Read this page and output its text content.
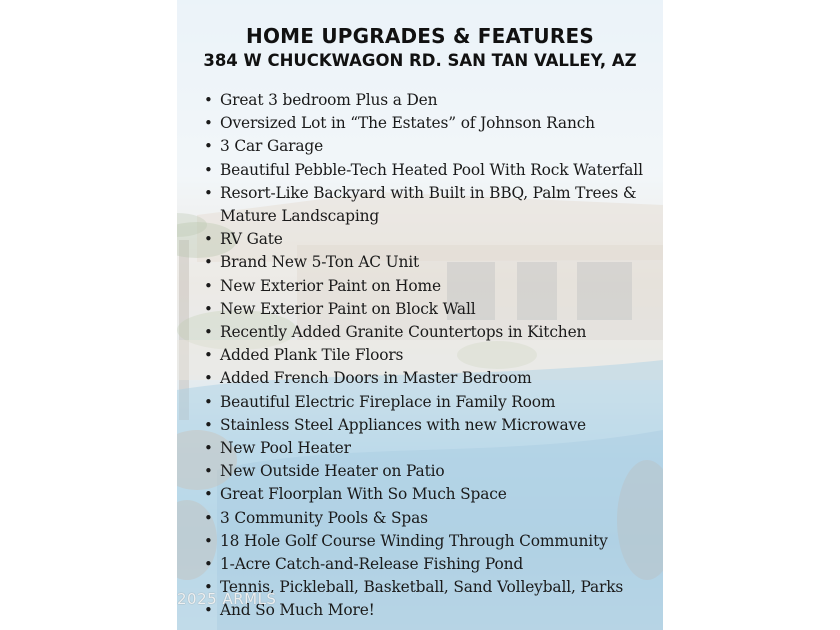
HOME UPGRADES & FEATURES
384 W CHUCKWAGON RD. SAN TAN VALLEY, AZ
• Great 3 bedroom Plus a Den
• Oversized Lot in “The Estates” of Johnson Ranch
• 3 Car Garage
• Beautiful Pebble-Tech Heated Pool With Rock Waterfall
• Resort-Like Backyard with Built in BBQ, Palm Trees &
Mature Landscaping
• RV Gate
• Brand New 5-Ton AC Unit
• New Exterior Paint on Home
• New Exterior Paint on Block Wall
• Recently Added Granite Countertops in Kitchen
• Added Plank Tile Floors
• Added French Doors in Master Bedroom
• Beautiful Electric Fireplace in Family Room
• Stainless Steel Appliances with new Microwave
• New Pool Heater
• New Outside Heater on Patio
• Great Floorplan With So Much Space
• 3 Community Pools & Spas
• 18 Hole Golf Course Winding Through Community
• 1-Acre Catch-and-Release Fishing Pond
• Tennis, Pickleball, Basketball, Sand Volleyball, Parks
• And So Much More!
2025 ARMLS
